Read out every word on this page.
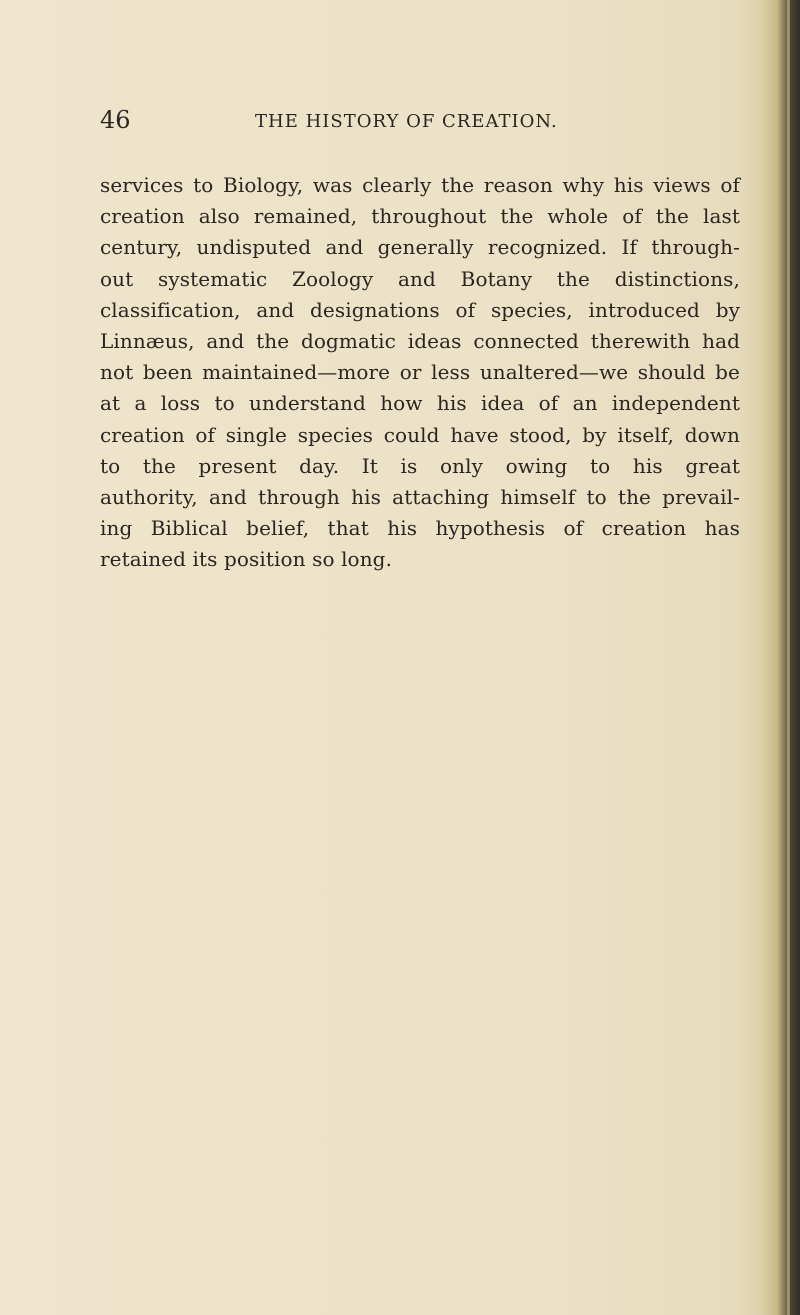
46	THE HISTORY OF CREATION.
services to Biology, was clearly the reason why his views of
creation also remained, throughout the whole of the last
century, undisputed and generally recognized. If through-
out systematic Zoology and Botany the distinctions,
classification, and designations of species, introduced by
Linnæus, and the dogmatic ideas connected therewith had
not been maintained—more or less unaltered—we should be
at a loss to understand how his idea of an independent
creation of single species could have stood, by itself, down
to the present day. It is only owing to his great
authority, and through his attaching himself to the prevail-
ing Biblical belief, that his hypothesis of creation has
retained its position so long.
